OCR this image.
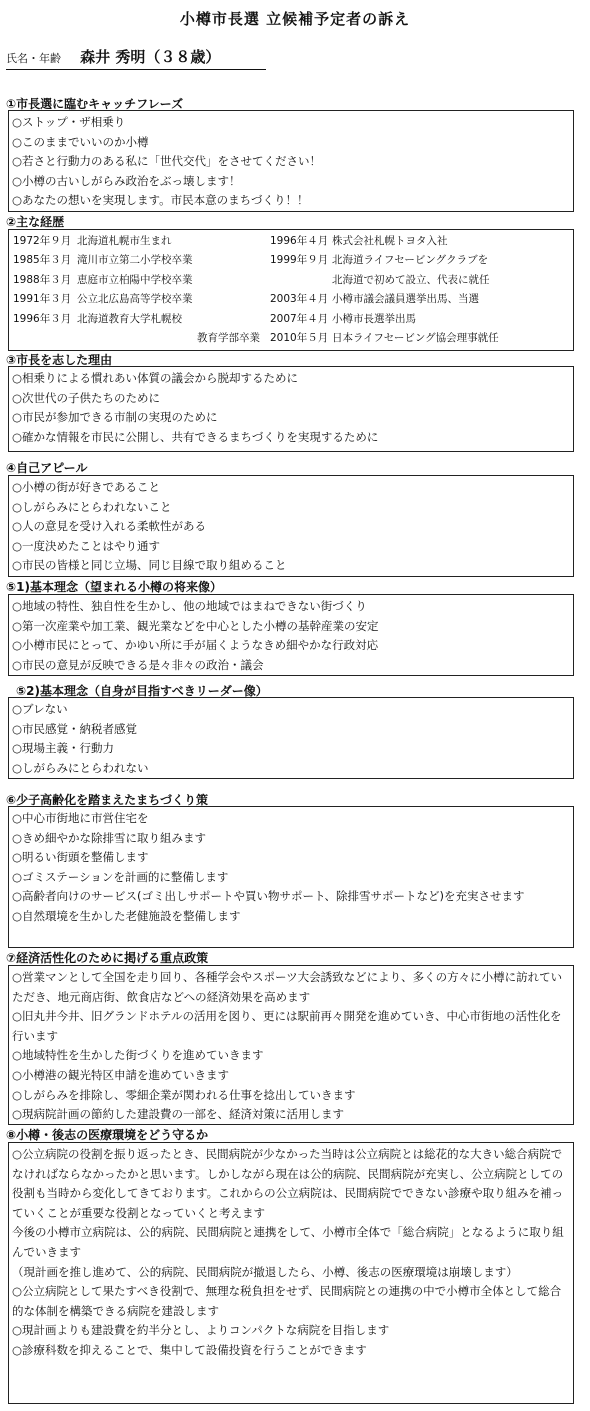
小樽市長選 立候補予定者の訴え
氏名・年齢 森井 秀明（３８歳）
①市長選に臨むキャッチフレーズ
○ストップ・ザ相乗り
○このままでいいのか小樽
○若さと行動力のある私に「世代交代」をさせてください！
○小樽の古いしがらみ政治をぶっ壊します！
○あなたの想いを実現します。市民本意のまちづくり！！
②主な経歴
1972年９月 北海道札幌市生まれ	1996年４月 株式会社札幌トヨタ入社
1985年３月 滝川市立第二小学校卒業	1999年９月 北海道ライフセービングクラブを
1988年３月 恵庭市立柏陽中学校卒業	北海道で初めて設立、代表に就任
1991年３月 公立北広島高等学校卒業	2003年４月 小樽市議会議員選挙出馬、当選
1996年３月 北海道教育大学札幌校	2007年４月 小樽市長選挙出馬
教育学部卒業 2010年５月 日本ライフセービング協会理事就任
③市長を志した理由
○相乗りによる慣れあい体質の議会から脱却するために
○次世代の子供たちのために
○市民が参加できる市制の実現のために
○確かな情報を市民に公開し、共有できるまちづくりを実現するために
④自己アピール
○小樽の街が好きであること
○しがらみにとらわれないこと
○人の意見を受け入れる柔軟性がある
○一度決めたことはやり通す
○市民の皆様と同じ立場、同じ目線で取り組めること
⑤1)基本理念（望まれる小樽の将来像）
○地域の特性、独自性を生かし、他の地域ではまねできない街づくり
○第一次産業や加工業、観光業などを中心とした小樽の基幹産業の安定
○小樽市民にとって、かゆい所に手が届くようなきめ細やかな行政対応
○市民の意見が反映できる是々非々の政治・議会
⑤2)基本理念（自身が目指すべきリーダー像）
○ブレない
○市民感覚・納税者感覚
○現場主義・行動力
○しがらみにとらわれない
⑥少子高齢化を踏まえたまちづくり策
○中心市街地に市営住宅を
○きめ細やかな除排雪に取り組みます
○明るい街頭を整備します
○ゴミステーションを計画的に整備します
○高齢者向けのサービス(ゴミ出しサポートや買い物サポート、除排雪サポートなど)を充実させます
○自然環境を生かした老健施設を整備します
⑦経済活性化のために掲げる重点政策
○営業マンとして全国を走り回り、各種学会やスポーツ大会誘致などにより、多くの方々に小樽に訪れていただき、地元商店街、飲食店などへの経済効果を高めます
○旧丸井今井、旧グランドホテルの活用を図り、更には駅前再々開発を進めていき、中心市街地の活性化を行います
○地域特性を生かした街づくりを進めていきます
○小樽港の観光特区申請を進めていきます
○しがらみを排除し、零細企業が関われる仕事を捻出していきます
○現病院計画の節約した建設費の一部を、経済対策に活用します
⑧小樽・後志の医療環境をどう守るか
○公立病院の役割を振り返ったとき、民間病院が少なかった当時は公立病院とは総花的な大きい総合病院でなければならなかったかと思います。しかしながら現在は公的病院、民間病院が充実し、公立病院としての役割も当時から変化してきております。これからの公立病院は、民間病院でできない診療や取り組みを補っていくことが重要な役割となっていくと考えます
今後の小樽市立病院は、公的病院、民間病院と連携をして、小樽市全体で「総合病院」となるように取り組んでいきます
（現計画を推し進めて、公的病院、民間病院が撤退したら、小樽、後志の医療環境は崩壊します）
○公立病院として果たすべき役割で、無理な税負担をせず、民間病院との連携の中で小樽市全体として総合的な体制を構築できる病院を建設します
○現計画よりも建設費を約半分とし、よりコンパクトな病院を目指します
○診療科数を抑えることで、集中して設備投資を行うことができます
